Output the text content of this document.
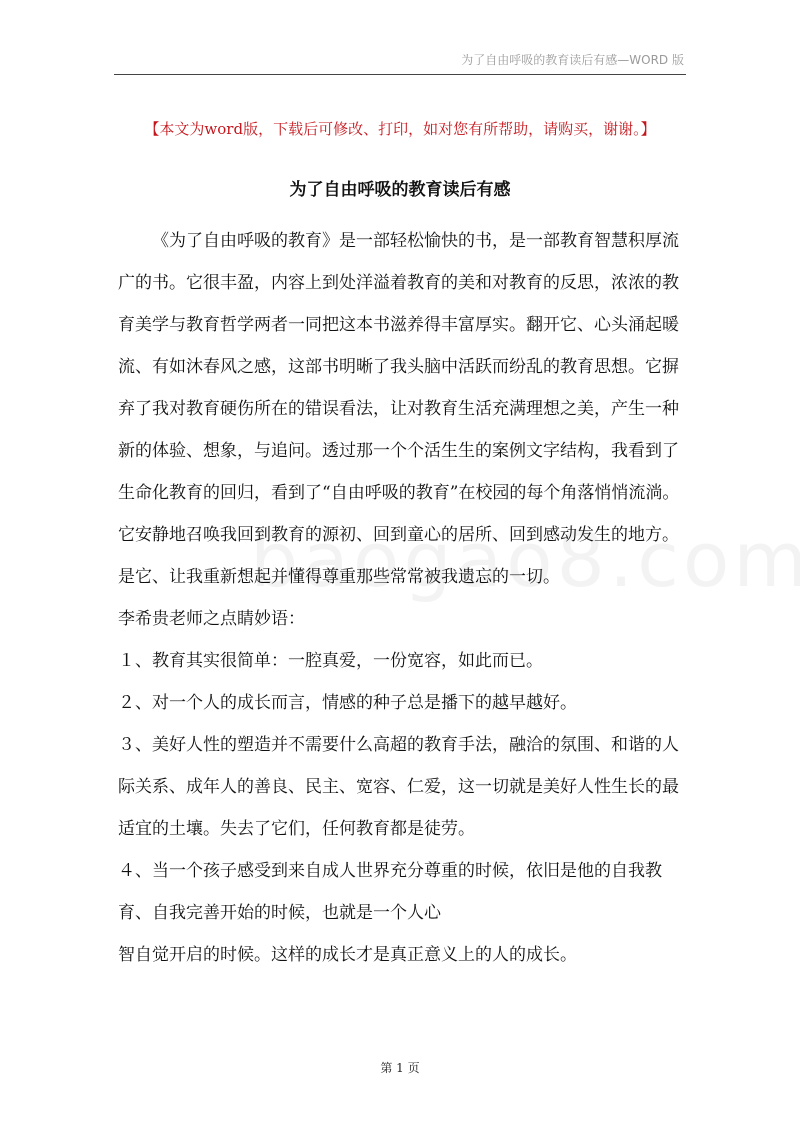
为了自由呼吸的教育读后有感—WORD 版
【本文为word版，下载后可修改、打印，如对您有所帮助，请购买，谢谢。】
为了自由呼吸的教育读后有感

《为了自由呼吸的教育》是一部轻松愉快的书，是一部教育智慧积厚流广的书。它很丰盈，内容上到处洋溢着教育的美和对教育的反思，浓浓的教育美学与教育哲学两者一同把这本书滋养得丰富厚实。翻开它、心头涌起暖流、有如沐春风之感，这部书明晰了我头脑中活跃而纷乱的教育思想。它摒弃了我对教育硬伤所在的错误看法，让对教育生活充满理想之美，产生一种新的体验、想象，与追问。透过那一个个活生生的案例文字结构，我看到了生命化教育的回归，看到了“自由呼吸的教育”在校园的每个角落悄悄流淌。它安静地召唤我回到教育的源初、回到童心的居所、回到感动发生的地方。是它、让我重新想起并懂得尊重那些常常被我遗忘的一切。

李希贵老师之点睛妙语：

１、教育其实很简单：一腔真爱，一份宽容，如此而已。

２、对一个人的成长而言，情感的种子总是播下的越早越好。

３、美好人性的塑造并不需要什么高超的教育手法，融洽的氛围、和谐的人际关系、成年人的善良、民主、宽容、仁爱，这一切就是美好人性生长的最适宜的土壤。失去了它们，任何教育都是徒劳。

４、当一个孩子感受到来自成人世界充分尊重的时候，依旧是他的自我教育、自我完善开始的时候，也就是一个人心

智自觉开启的时候。这样的成长才是真正意义上的人的成长。

第 1 页
